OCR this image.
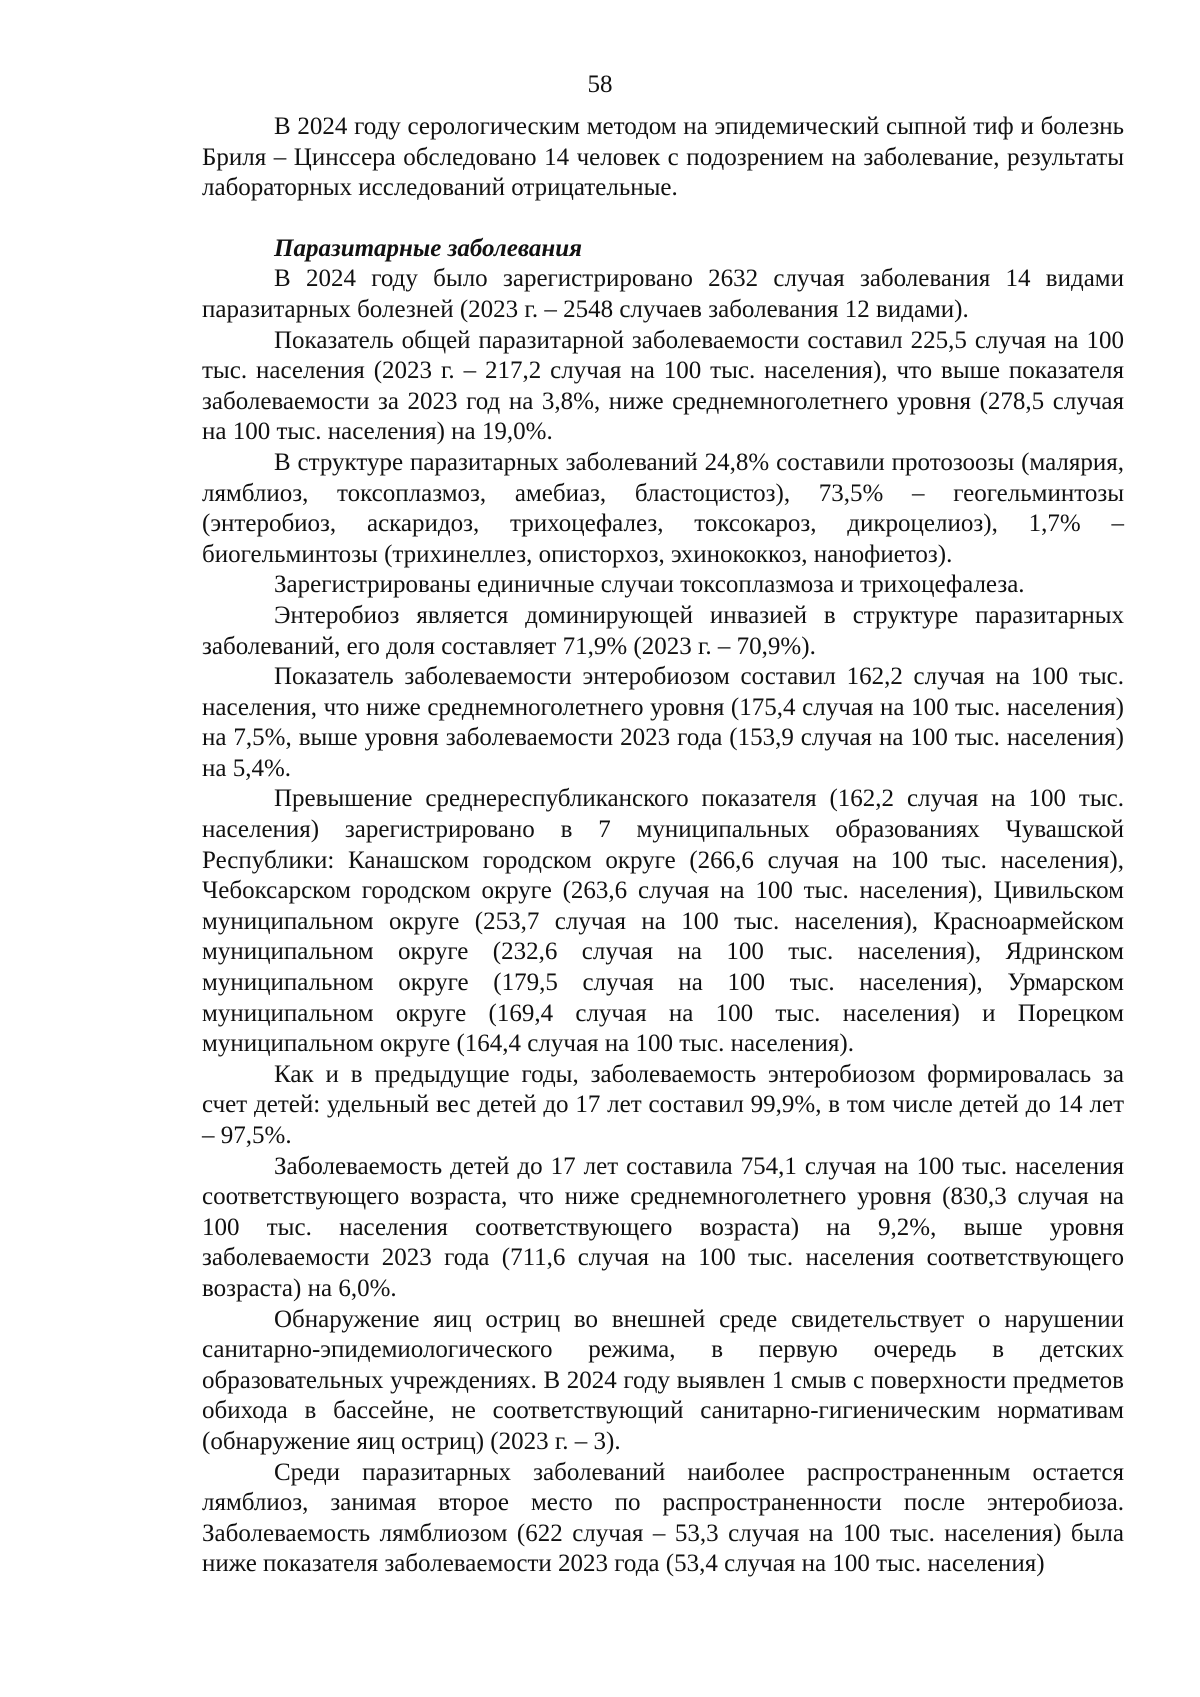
58

В 2024 году серологическим методом на эпидемический сыпной тиф и болезнь Бриля – Цинссера обследовано 14 человек с подозрением на заболевание, результаты лабораторных исследований отрицательные.

Паразитарные заболевания

В 2024 году было зарегистрировано 2632 случая заболевания 14 видами паразитарных болезней (2023 г. – 2548 случаев заболевания 12 видами).

Показатель общей паразитарной заболеваемости составил 225,5 случая на 100 тыс. населения (2023 г. – 217,2 случая на 100 тыс. населения), что выше показателя заболеваемости за 2023 год на 3,8%, ниже среднемноголетнего уровня (278,5 случая на 100 тыс. населения) на 19,0%.

В структуре паразитарных заболеваний 24,8% составили протозоозы (малярия, лямблиоз, токсоплазмоз, амебиаз, бластоцистоз), 73,5% – геогельминтозы (энтеробиоз, аскаридоз, трихоцефалез, токсокароз, дикроцелиоз), 1,7% – биогельминтозы (трихинеллез, описторхоз, эхинококкоз, нанофиетоз).

Зарегистрированы единичные случаи токсоплазмоза и трихоцефалеза.

Энтеробиоз является доминирующей инвазией в структуре паразитарных заболеваний, его доля составляет 71,9% (2023 г. – 70,9%).

Показатель заболеваемости энтеробиозом составил 162,2 случая на 100 тыс. населения, что ниже среднемноголетнего уровня (175,4 случая на 100 тыс. населения) на 7,5%, выше уровня заболеваемости 2023 года (153,9 случая на 100 тыс. населения) на 5,4%.

Превышение среднереспубликанского показателя (162,2 случая на 100 тыс. населения) зарегистрировано в 7 муниципальных образованиях Чувашской Республики: Канашском городском округе (266,6 случая на 100 тыс. населения), Чебоксарском городском округе (263,6 случая на 100 тыс. населения), Цивильском муниципальном округе (253,7 случая на 100 тыс. населения), Красноармейском муниципальном округе (232,6 случая на 100 тыс. населения), Ядринском муниципальном округе (179,5 случая на 100 тыс. населения), Урмарском муниципальном округе (169,4 случая на 100 тыс. населения) и Порецком муниципальном округе (164,4 случая на 100 тыс. населения).

Как и в предыдущие годы, заболеваемость энтеробиозом формировалась за счет детей: удельный вес детей до 17 лет составил 99,9%, в том числе детей до 14 лет – 97,5%.

Заболеваемость детей до 17 лет составила 754,1 случая на 100 тыс. населения соответствующего возраста, что ниже среднемноголетнего уровня (830,3 случая на 100 тыс. населения соответствующего возраста) на 9,2%, выше уровня заболеваемости 2023 года (711,6 случая на 100 тыс. населения соответствующего возраста) на 6,0%.

Обнаружение яиц остриц во внешней среде свидетельствует о нарушении санитарно-эпидемиологического режима, в первую очередь в детских образовательных учреждениях. В 2024 году выявлен 1 смыв с поверхности предметов обихода в бассейне, не соответствующий санитарно-гигиеническим нормативам (обнаружение яиц остриц) (2023 г. – 3).

Среди паразитарных заболеваний наиболее распространенным остается лямблиоз, занимая второе место по распространенности после энтеробиоза. Заболеваемость лямблиозом (622 случая – 53,3 случая на 100 тыс. населения) была ниже показателя заболеваемости 2023 года (53,4 случая на 100 тыс. населения)
